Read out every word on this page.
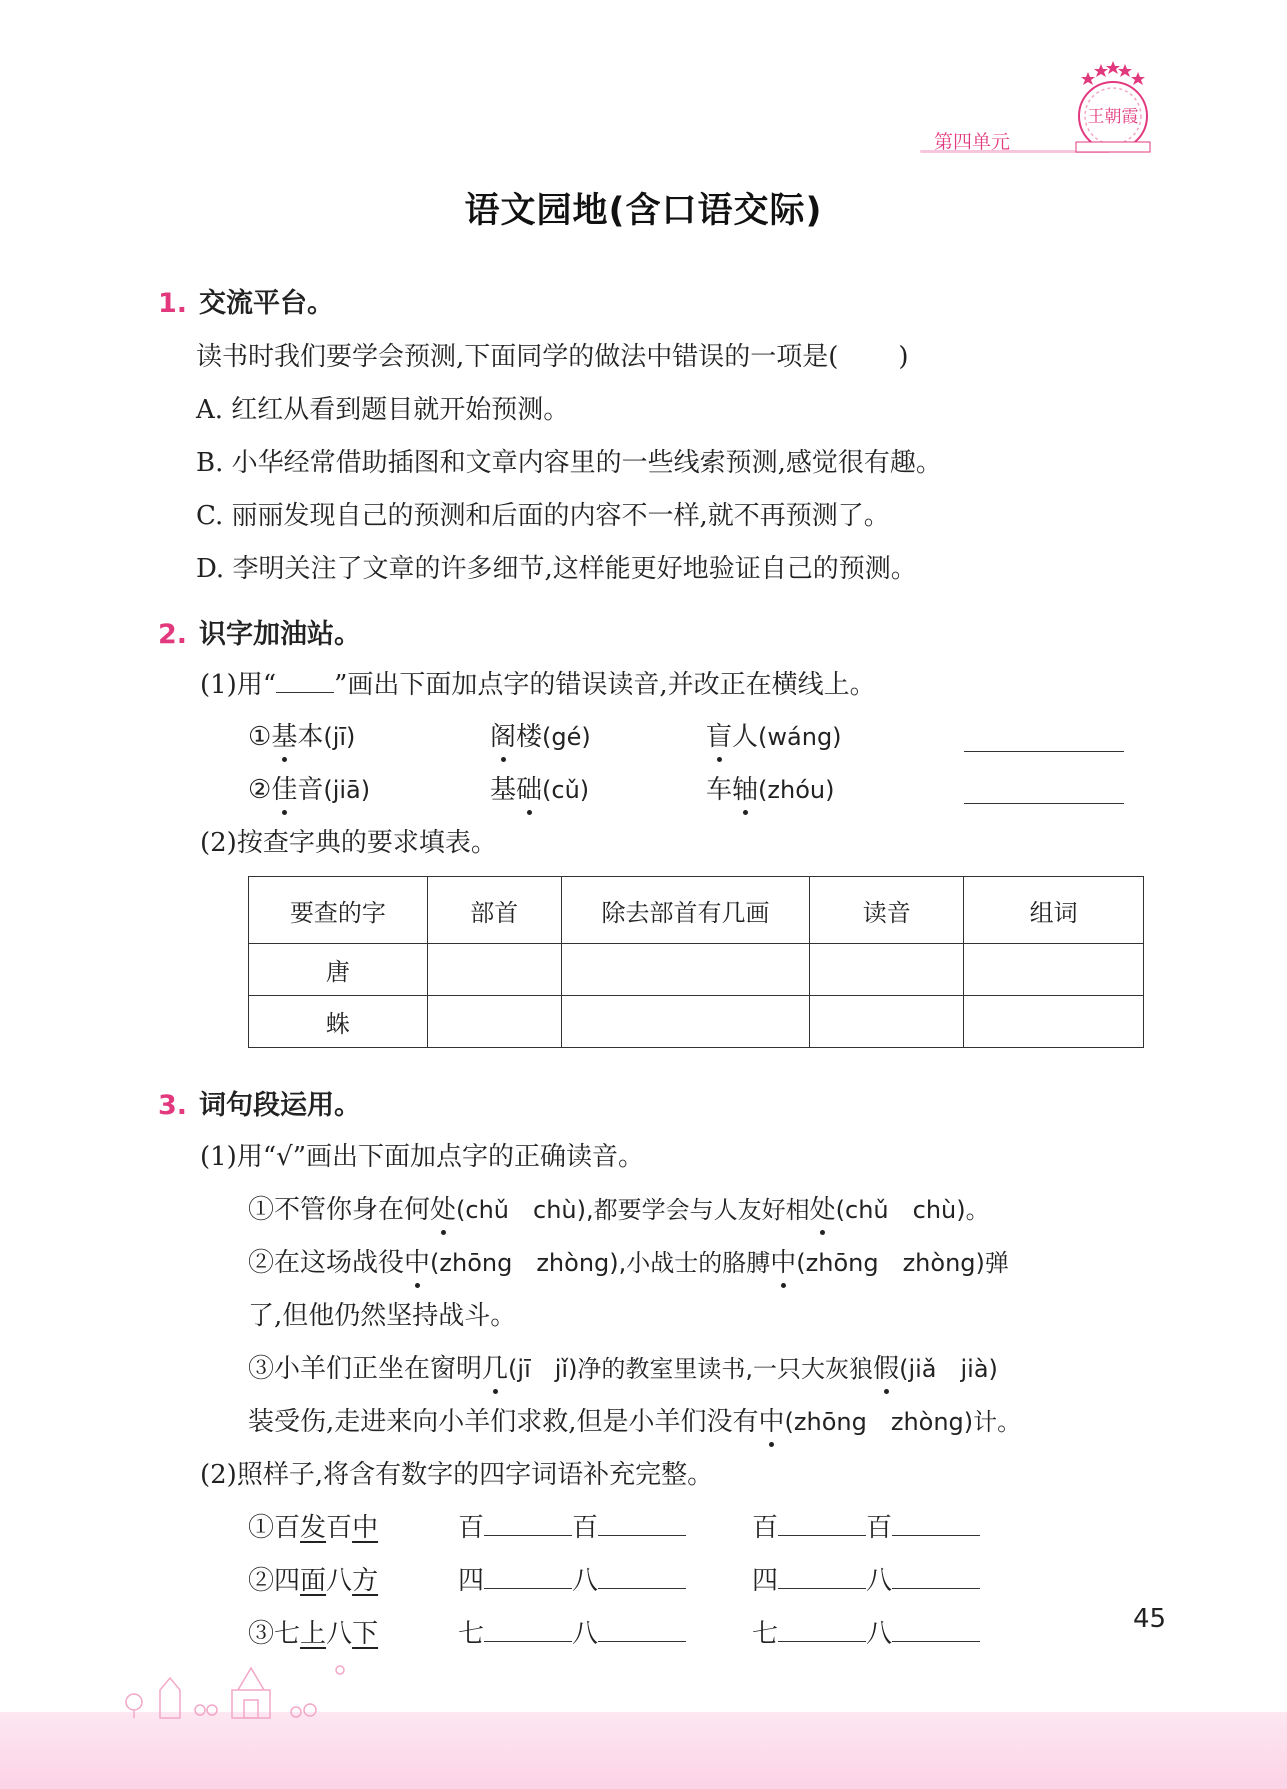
第四单元
王朝霞
语文园地(含口语交际)
1. 交流平台。
读书时我们要学会预测,下面同学的做法中错误的一项是( )
A. 红红从看到题目就开始预测。
B. 小华经常借助插图和文章内容里的一些线索预测,感觉很有趣。
C. 丽丽发现自己的预测和后面的内容不一样,就不再预测了。
D. 李明关注了文章的许多细节,这样能更好地验证自己的预测。
2. 识字加油站。
(1)用“ ”画出下面加点字的错误读音,并改正在横线上。
①基本(jī)	阁楼(gé)	盲人(wáng)
②佳音(jiā)	基础(cǔ)	车轴(zhóu)
(2)按查字典的要求填表。
要查的字	部首	除去部首有几画	读音	组词
唐				
蛛				
3. 词句段运用。
(1)用“√”画出下面加点字的正确读音。
①不管你身在何处(chǔ　chù),都要学会与人友好相处(chǔ　chù)。
②在这场战役中(zhōng　zhòng),小战士的胳膊中(zhōng　zhòng)弹
了,但他仍然坚持战斗。
③小羊们正坐在窗明几(jī　jǐ)净的教室里读书,一只大灰狼假(jiǎ　jià)
装受伤,走进来向小羊们求救,但是小羊们没有中(zhōng　zhòng)计。
(2)照样子,将含有数字的四字词语补充完整。
①百发百中	百	百	百	百
②四面八方	四	八	四	八
③七上八下	七	八	七	八	45
